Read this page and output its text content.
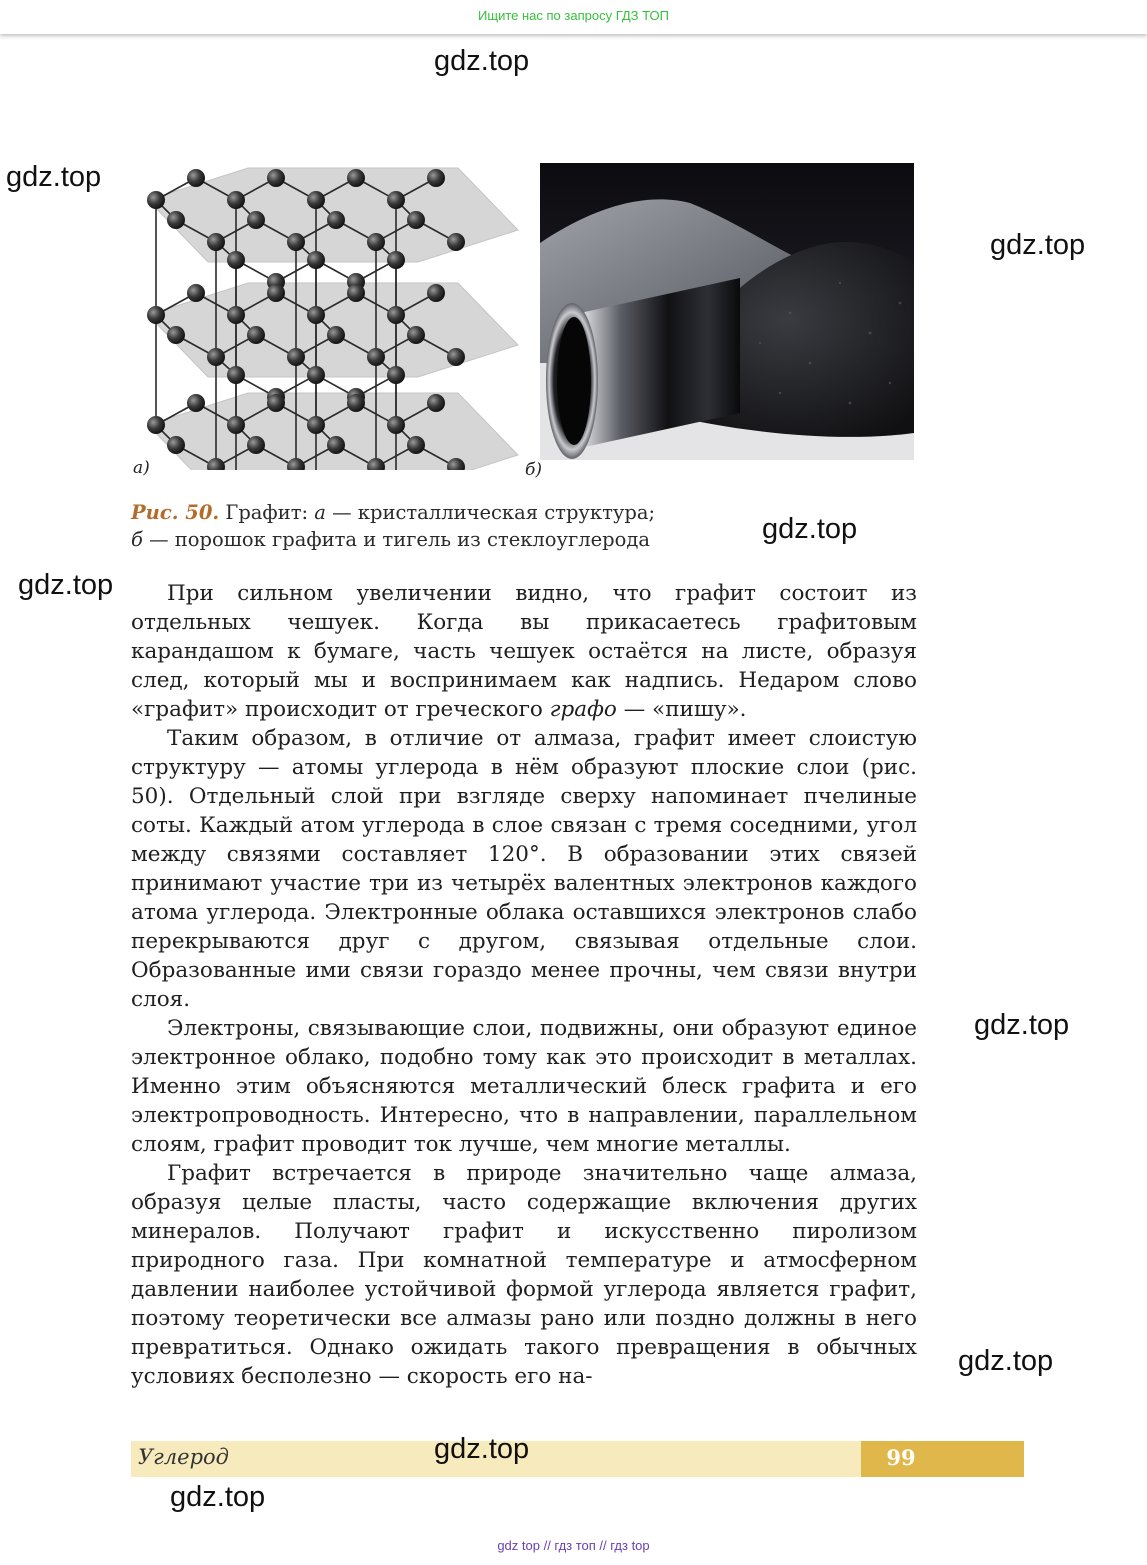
Ищите нас по запросу ГДЗ ТОП
gdz.top
gdz.top
gdz.top
gdz.top
gdz.top
gdz.top
gdz.top
gdz.top
gdz.top
а)	б)
Рис. 50. Графит: а — кристаллическая структура;
б — порошок графита и тигель из стеклоуглерода

При сильном увеличении видно, что графит состоит из отдельных чешуек. Когда вы прикасаетесь графитовым карандашом к бумаге, часть чешуек остаётся на листе, образуя след, который мы и воспринимаем как надпись. Недаром слово «графит» происходит от греческого графо — «пишу».

Таким образом, в отличие от алмаза, графит имеет слоистую структуру — атомы углерода в нём образуют плоские слои (рис. 50). Отдельный слой при взгляде сверху напоминает пчелиные соты. Каждый атом углерода в слое связан с тремя соседними, угол между связями составляет 120°. В образовании этих связей принимают участие три из четырёх валентных электронов каждого атома углерода. Электронные облака оставшихся электронов слабо перекрываются друг с другом, связывая отдельные слои. Образованные ими связи гораздо менее прочны, чем связи внутри слоя.

Электроны, связывающие слои, подвижны, они образуют единое электронное облако, подобно тому как это происходит в металлах. Именно этим объясняются металлический блеск графита и его электропроводность. Интересно, что в направлении, параллельном слоям, графит проводит ток лучше, чем многие металлы.

Графит встречается в природе значительно чаще алмаза, образуя целые пласты, часто содержащие включения других минералов. Получают графит и искусственно пиролизом природного газа. При комнатной температуре и атмосферном давлении наиболее устойчивой формой углерода является графит, поэтому теоретически все алмазы рано или поздно должны в него превратиться. Однако ожидать такого превращения в обычных условиях бесполезно — скорость его на-

Углерод	99
gdz top // гдз топ // гдз top
